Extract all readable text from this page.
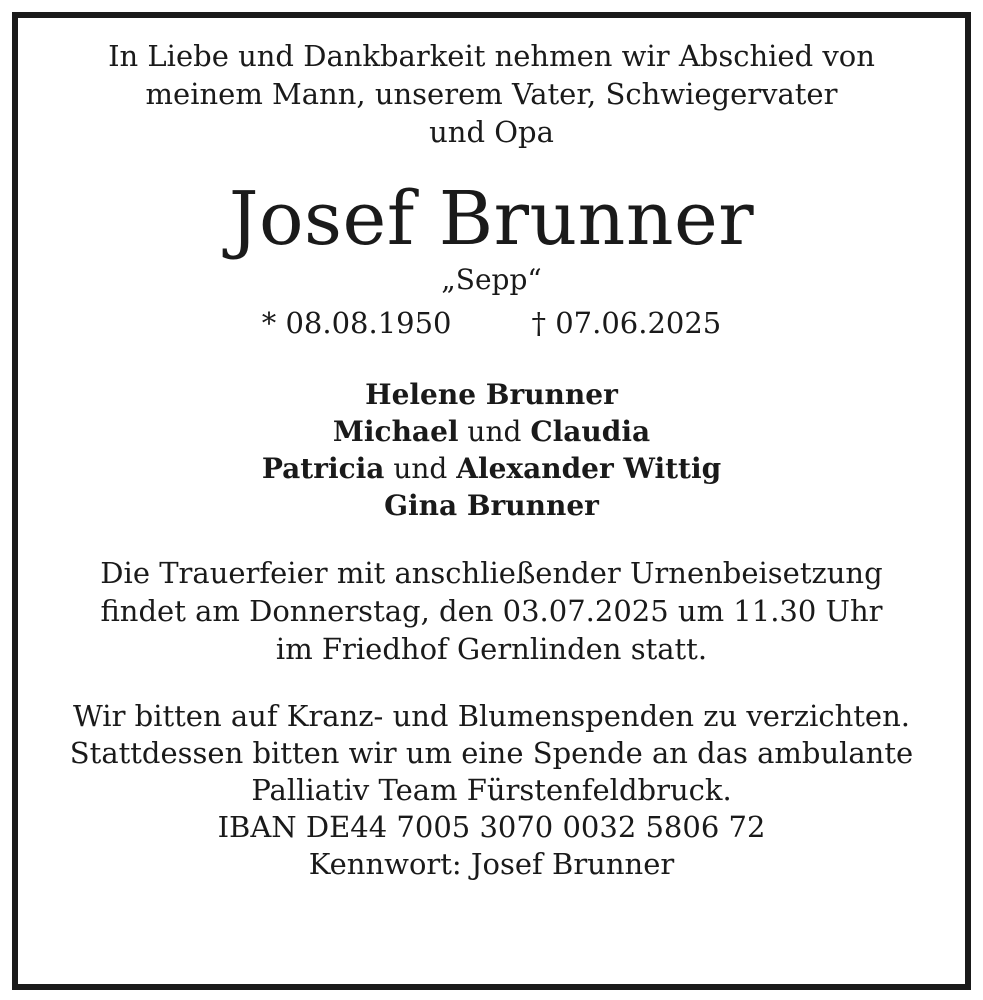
In Liebe und Dankbarkeit nehmen wir Abschied von
meinem Mann, unserem Vater, Schwiegervater
und Opa
Josef Brunner
„Sepp“
* 08.08.1950	† 07.06.2025
Helene Brunner
Michael und Claudia
Patricia und Alexander Wittig
Gina Brunner
Die Trauerfeier mit anschließender Urnenbeisetzung
findet am Donnerstag, den 03.07.2025 um 11.30 Uhr
im Friedhof Gernlinden statt.
Wir bitten auf Kranz- und Blumenspenden zu verzichten.
Stattdessen bitten wir um eine Spende an das ambulante
Palliativ Team Fürstenfeldbruck.
IBAN DE44 7005 3070 0032 5806 72
Kennwort: Josef Brunner
